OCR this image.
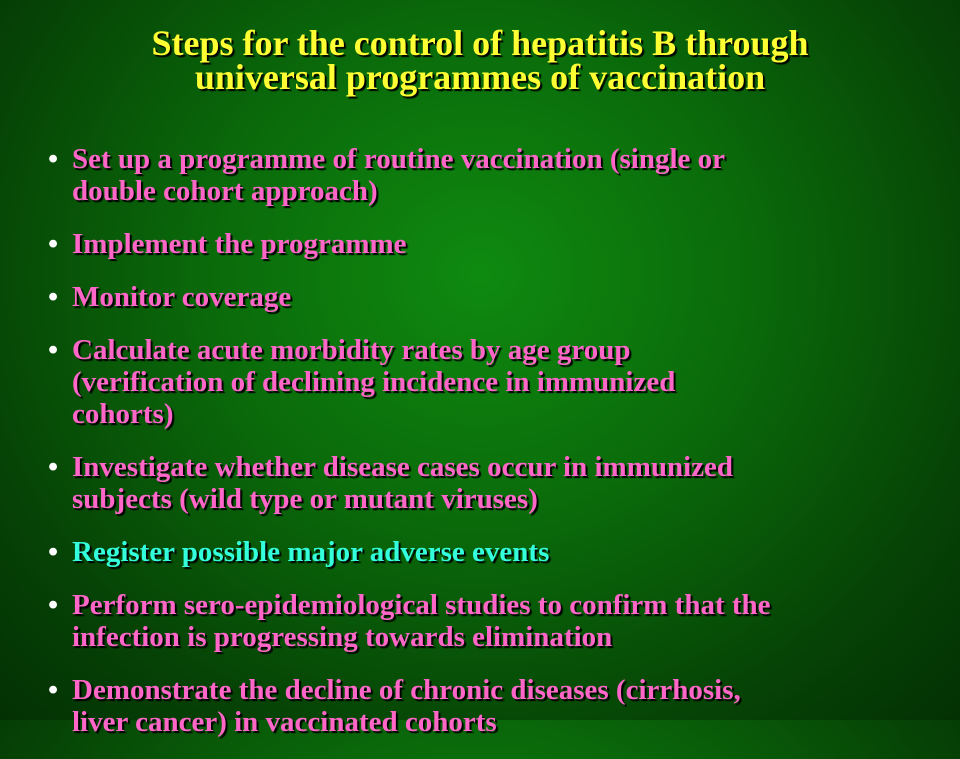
Steps for the control of hepatitis B through
universal programmes of vaccination
• Set up a programme of routine vaccination (single or
double cohort approach)
• Implement the programme
• Monitor coverage
• Calculate acute morbidity rates by age group
(verification of declining incidence in immunized
cohorts)
• Investigate whether disease cases occur in immunized
subjects (wild type or mutant viruses)
• Register possible major adverse events
• Perform sero-epidemiological studies to confirm that the
infection is progressing towards elimination
• Demonstrate the decline of chronic diseases (cirrhosis,
liver cancer) in vaccinated cohorts
